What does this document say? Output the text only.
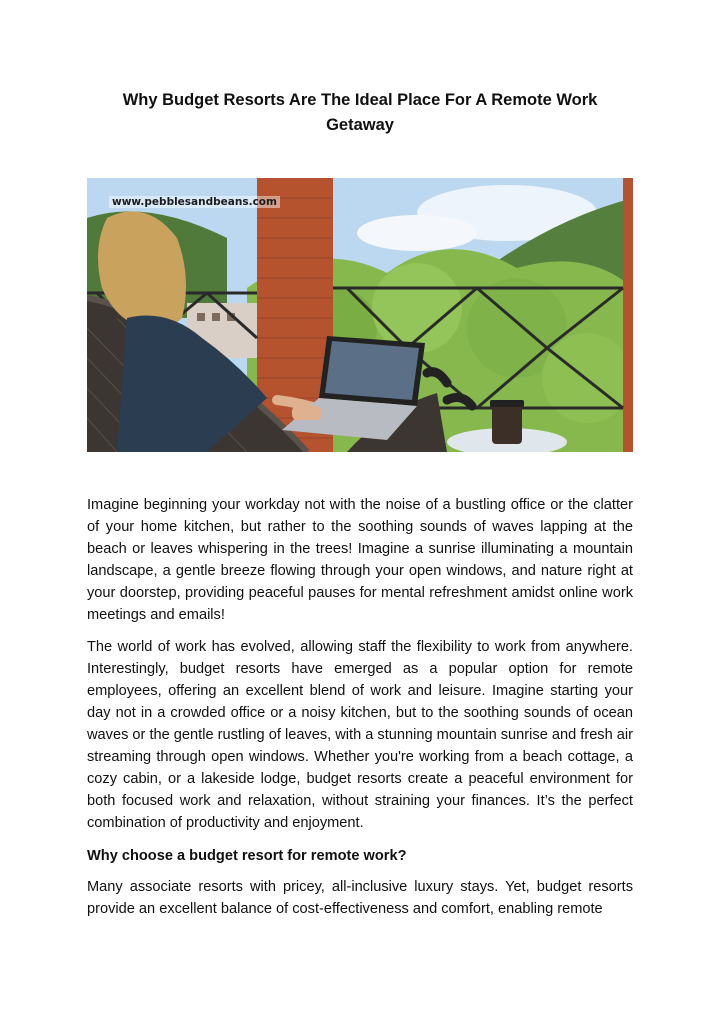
Why Budget Resorts Are The Ideal Place For A Remote Work Getaway
www.pebblesandbeans.com

Imagine beginning your workday not with the noise of a bustling office or the clatter of your home kitchen, but rather to the soothing sounds of waves lapping at the beach or leaves whispering in the trees! Imagine a sunrise illuminating a mountain landscape, a gentle breeze flowing through your open windows, and nature right at your doorstep, providing peaceful pauses for mental refreshment amidst online work meetings and emails!

The world of work has evolved, allowing staff the flexibility to work from anywhere. Interestingly, budget resorts have emerged as a popular option for remote employees, offering an excellent blend of work and leisure. Imagine starting your day not in a crowded office or a noisy kitchen, but to the soothing sounds of ocean waves or the gentle rustling of leaves, with a stunning mountain sunrise and fresh air streaming through open windows. Whether you're working from a beach cottage, a cozy cabin, or a lakeside lodge, budget resorts create a peaceful environment for both focused work and relaxation, without straining your finances. It’s the perfect combination of productivity and enjoyment.

Why choose a budget resort for remote work?

Many associate resorts with pricey, all-inclusive luxury stays. Yet, budget resorts provide an excellent balance of cost-effectiveness and comfort, enabling remote
